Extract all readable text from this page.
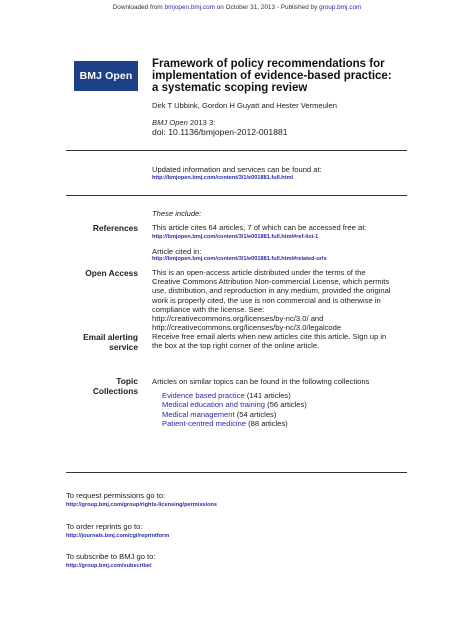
Downloaded from bmjopen.bmj.com on October 31, 2013 - Published by group.bmj.com
BMJ Open
Framework of policy recommendations for
implementation of evidence-based practice:
a systematic scoping review
Dirk T Ubbink, Gordon H Guyatt and Hester Vermeulen
BMJ Open 2013 3:
doi: 10.1136/bmjopen-2012-001881
Updated information and services can be found at:
http://bmjopen.bmj.com/content/3/1/e001881.full.html
These include:
References This article cites 64 articles, 7 of which can be accessed free at:
http://bmjopen.bmj.com/content/3/1/e001881.full.html#ref-list-1
Article cited in:
http://bmjopen.bmj.com/content/3/1/e001881.full.html#related-urls
Open Access This is an open-access article distributed under the terms of the
Creative Commons Attribution Non-commercial License, which permits
use, distribution, and reproduction in any medium, provided the original
work is properly cited, the use is non commercial and is otherwise in
compliance with the license. See:
http://creativecommons.org/licenses/by-nc/3.0/ and
http://creativecommons.org/licenses/by-nc/3.0/legalcode
Email alerting
service
Receive free email alerts when new articles cite this article. Sign up in
the box at the top right corner of the online article.
Topic
Collections
Articles on similar topics can be found in the following collections
Evidence based practice (141 articles)
Medical education and training (56 articles)
Medical management (54 articles)
Patient-centred medicine (88 articles)
To request permissions go to:
http://group.bmj.com/group/rights-licensing/permissions
To order reprints go to:
http://journals.bmj.com/cgi/reprintform
To subscribe to BMJ go to:
http://group.bmj.com/subscribe/
